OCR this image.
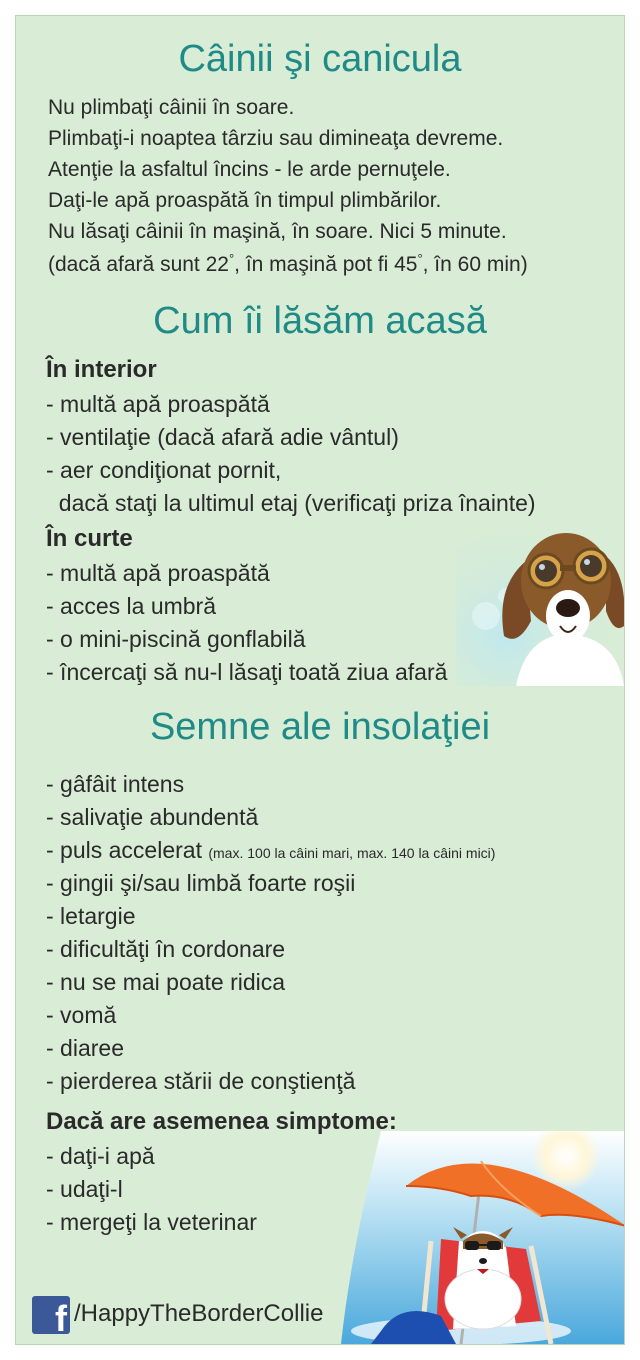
Câinii şi canicula
Nu plimbaţi câinii în soare.
Plimbaţi-i noaptea târziu sau dimineaţa devreme.
Atenţie la asfaltul încins - le arde pernuţele.
Daţi-le apă proaspătă în timpul plimbărilor.
Nu lăsaţi câinii în maşină, în soare. Nici 5 minute.
(dacă afară sunt 22°, în maşină pot fi 45°, în 60 min)
Cum îi lăsăm acasă
În interior
- multă apă proaspătă
- ventilaţie (dacă afară adie vântul)
- aer condiţionat pornit,
dacă staţi la ultimul etaj (verificaţi priza înainte)
În curte
- multă apă proaspătă
- acces la umbră
- o mini-piscină gonflabilă
- încercaţi să nu-l lăsaţi toată ziua afară
Semne ale insolaţiei
- gâfâit intens
- salivaţie abundentă
- puls accelerat (max. 100 la câini mari, max. 140 la câini mici)
- gingii şi/sau limbă foarte roşii
- letargie
- dificultăţi în cordonare
- nu se mai poate ridica
- vomă
- diaree
- pierderea stării de conştienţă
Dacă are asemenea simptome:
- daţi-i apă
- udaţi-l
- mergeţi la veterinar
f /HappyTheBorderCollie
